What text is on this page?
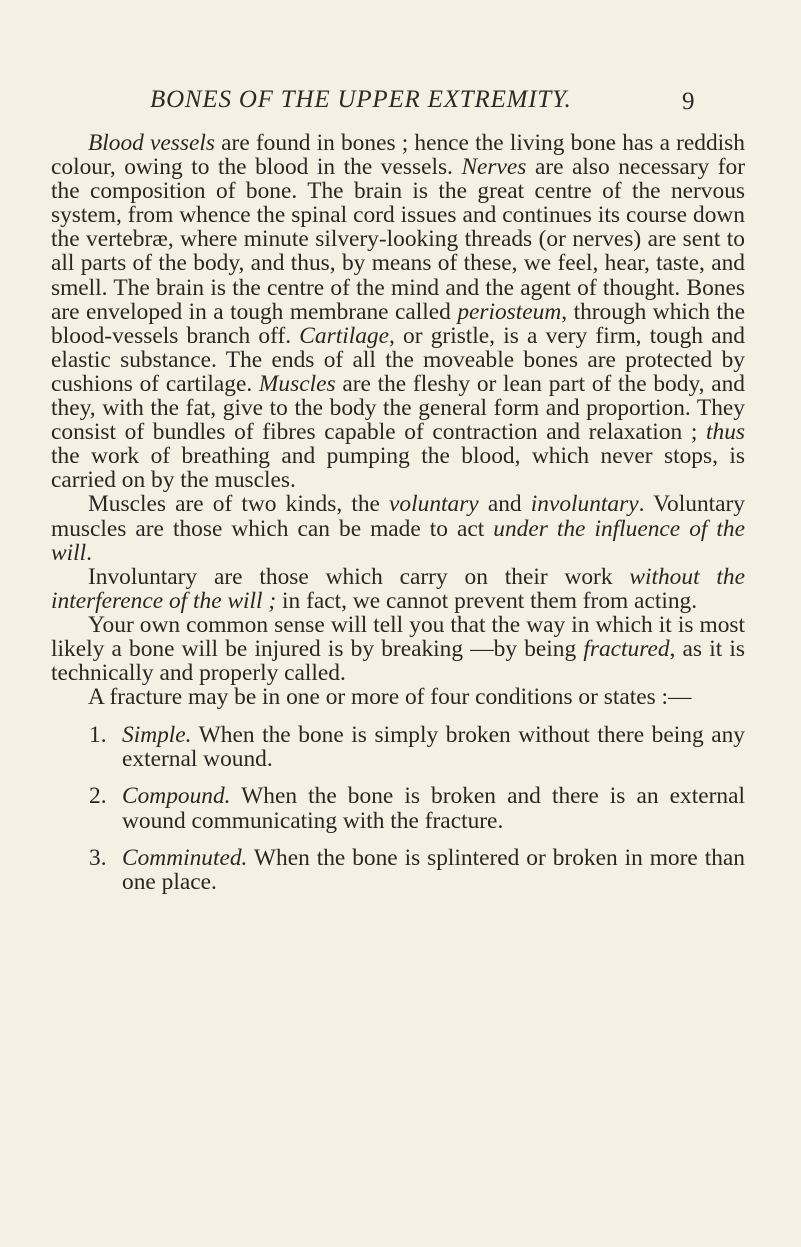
BONES OF THE UPPER EXTREMITY.	9

Blood vessels are found in bones ; hence the living bone has a reddish colour, owing to the blood in the vessels. Nerves are also necessary for the composition of bone. The brain is the great centre of the nervous system, from whence the spinal cord issues and continues its course down the vertebræ, where minute silvery-looking threads (or nerves) are sent to all parts of the body, and thus, by means of these, we feel, hear, taste, and smell. The brain is the centre of the mind and the agent of thought. Bones are enveloped in a tough membrane called periosteum, through which the blood-vessels branch off. Cartilage, or gristle, is a very firm, tough and elastic substance. The ends of all the moveable bones are protected by cushions of cartilage. Muscles are the fleshy or lean part of the body, and they, with the fat, give to the body the general form and proportion. They consist of bundles of fibres capable of contraction and relaxation ; thus the work of breathing and pumping the blood, which never stops, is carried on by the muscles.

Muscles are of two kinds, the voluntary and involuntary. Voluntary muscles are those which can be made to act under the influence of the will.

Involuntary are those which carry on their work without the interference of the will ; in fact, we cannot prevent them from acting.

Your own common sense will tell you that the way in which it is most likely a bone will be injured is by breaking —by being fractured, as it is technically and properly called.

A fracture may be in one or more of four conditions or states :—

1. Simple. When the bone is simply broken without there being any external wound.

2. Compound. When the bone is broken and there is an external wound communicating with the fracture.

3. Comminuted. When the bone is splintered or broken in more than one place.
